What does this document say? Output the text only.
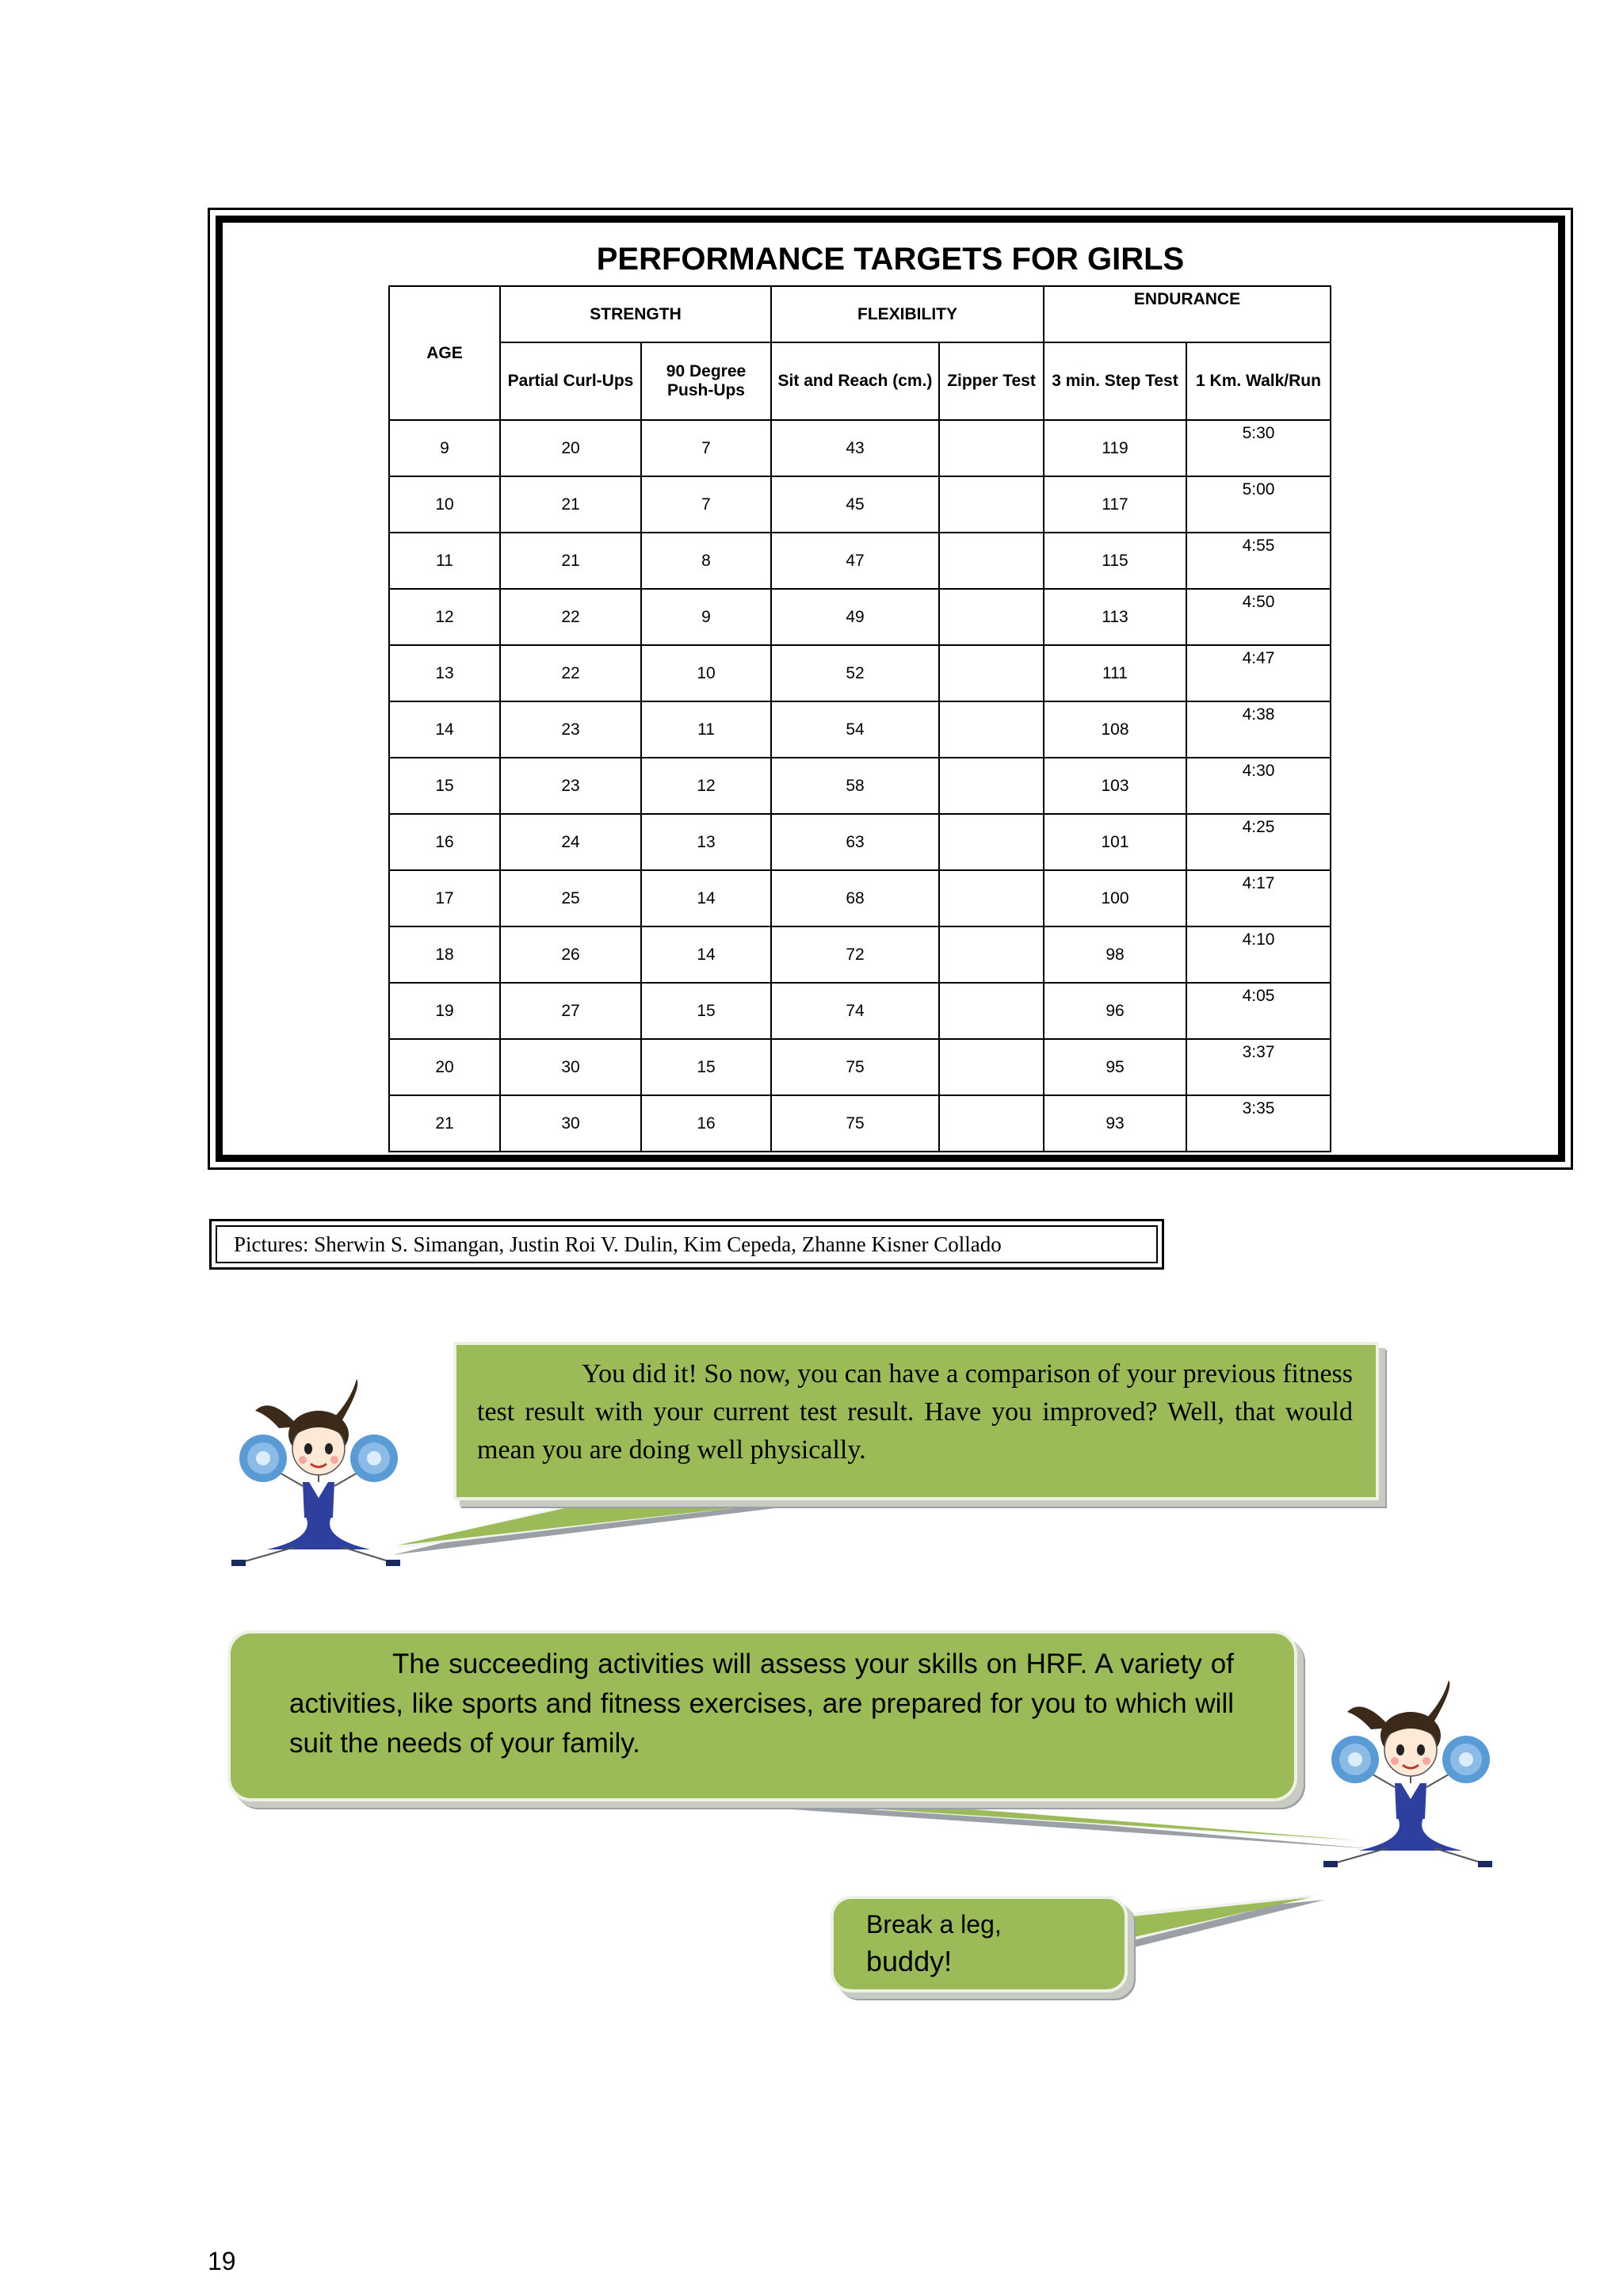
PERFORMANCE TARGETS FOR GIRLS
AGE	STRENGTH		FLEXIBILITY		ENDURANCE	
	Partial Curl-Ups	90 Degree Push-Ups	Sit and Reach (cm.)	Zipper Test	3 min. Step Test	1 Km. Walk/Run
9	20	7	43		119	5:30
10	21	7	45		117	5:00
11	21	8	47		115	4:55
12	22	9	49		113	4:50
13	22	10	52		111	4:47
14	23	11	54		108	4:38
15	23	12	58		103	4:30
16	24	13	63		101	4:25
17	25	14	68		100	4:17
18	26	14	72		98	4:10
19	27	15	74		96	4:05
20	30	15	75		95	3:37
21	30	16	75		93	3:35
Pictures: Sherwin S. Simangan, Justin Roi V. Dulin, Kim Cepeda, Zhanne Kisner Collado
You did it! So now, you can have a comparison of your previous fitness test result with your current test result. Have you improved? Well, that would mean you are doing well physically.
The succeeding activities will assess your skills on HRF. A variety of activities, like sports and fitness exercises, are prepared for you to which will suit the needs of your family.
Break a leg,
buddy!
19
